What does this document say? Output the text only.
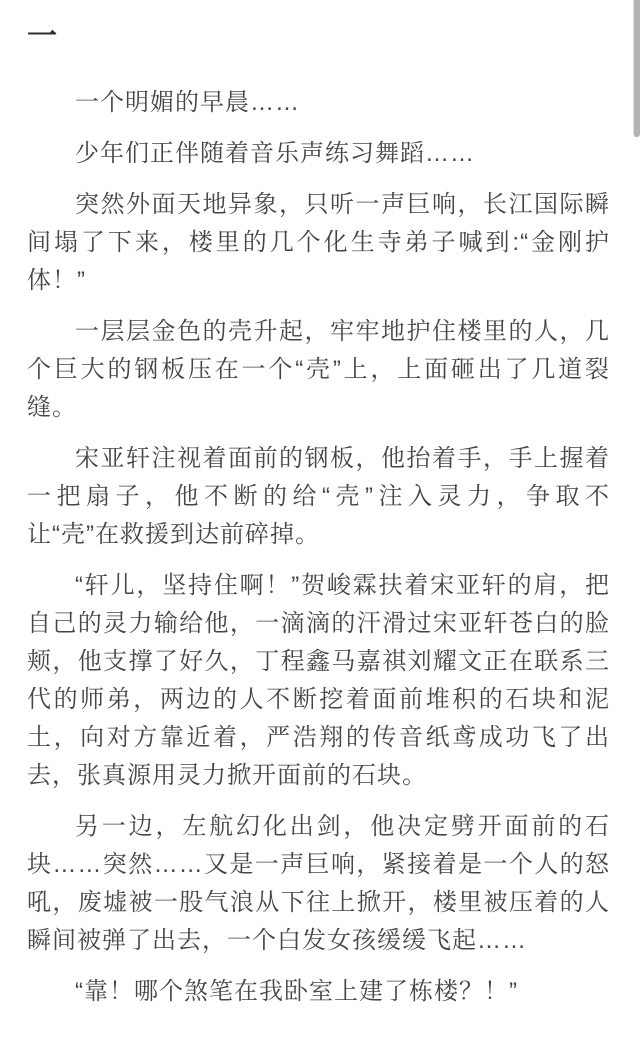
一

一个明媚的早晨……

少年们正伴随着音乐声练习舞蹈……

突然外面天地异象，只听一声巨响，长江国际瞬间塌了下来，楼里的几个化生寺弟子喊到:“金刚护体！”

一层层金色的壳升起，牢牢地护住楼里的人，几个巨大的钢板压在一个“壳”上，上面砸出了几道裂缝。

宋亚轩注视着面前的钢板，他抬着手，手上握着一把扇子，他不断的给“壳”注入灵力，争取不让“壳”在救援到达前碎掉。

“轩儿，坚持住啊！”贺峻霖扶着宋亚轩的肩，把自己的灵力输给他，一滴滴的汗滑过宋亚轩苍白的脸颊，他支撑了好久，丁程鑫马嘉祺刘耀文正在联系三代的师弟，两边的人不断挖着面前堆积的石块和泥土，向对方靠近着，严浩翔的传音纸鸢成功飞了出去，张真源用灵力掀开面前的石块。

另一边，左航幻化出剑，他决定劈开面前的石块……突然……又是一声巨响，紧接着是一个人的怒吼，废墟被一股气浪从下往上掀开，楼里被压着的人瞬间被弹了出去，一个白发女孩缓缓飞起……

“靠！哪个煞笔在我卧室上建了栋楼？！”
